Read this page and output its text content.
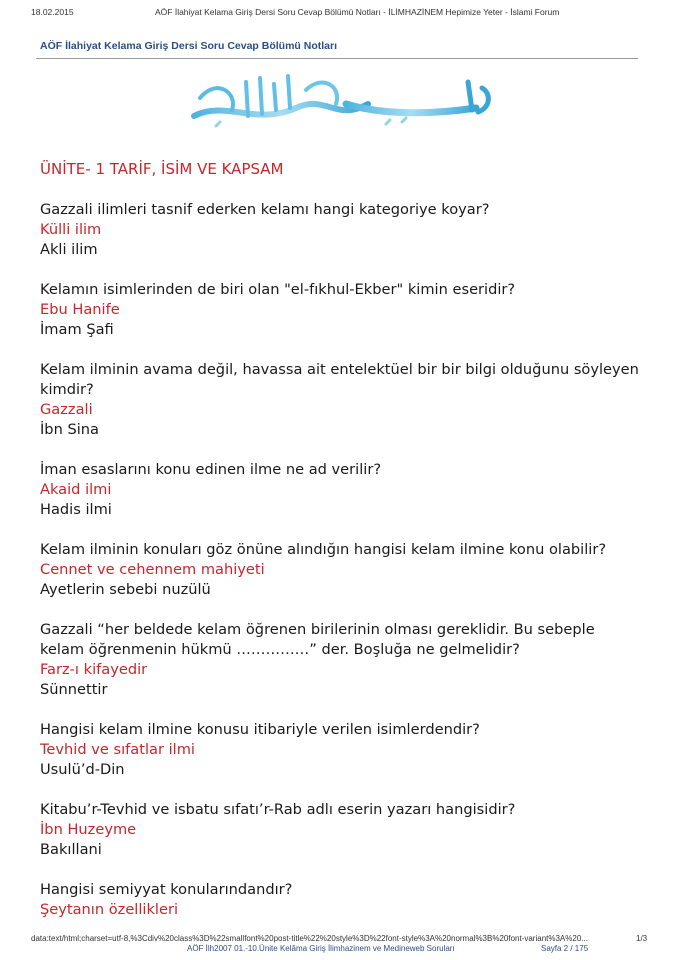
18.02.2015	AÖF İlahiyat Kelama Giriş Dersi Soru Cevap Bölümü Notları - İLİMHAZİNEM Hepimize Yeter - İslami Forum
AÖF İlahiyat Kelama Giriş Dersi Soru Cevap Bölümü Notları
ÜNİTE- 1 TARİF, İSİM VE KAPSAM
Gazzali ilimleri tasnif ederken kelamı hangi kategoriye koyar?
Külli ilim
Akli ilim
Kelamın isimlerinden de biri olan "el-fıkhul-Ekber" kimin eseridir?
Ebu Hanife
İmam Şafi
Kelam ilminin avama değil, havassa ait entelektüel bir bir bilgi olduğunu söyleyen kimdir?
Gazzali
İbn Sina
İman esaslarını konu edinen ilme ne ad verilir?
Akaid ilmi
Hadis ilmi
Kelam ilminin konuları göz önüne alındığın hangisi kelam ilmine konu olabilir?
Cennet ve cehennem mahiyeti
Ayetlerin sebebi nuzülü
Gazzali “her beldede kelam öğrenen birilerinin olması gereklidir. Bu sebeple kelam öğrenmenin hükmü ……………” der. Boşluğa ne gelmelidir?
Farz-ı kifayedir
Sünnettir
Hangisi kelam ilmine konusu itibariyle verilen isimlerdendir?
Tevhid ve sıfatlar ilmi
Usulü’d-Din
Kitabu’r-Tevhid ve isbatu sıfatı’r-Rab adlı eserin yazarı hangisidir?
İbn Huzeyme
Bakıllani
Hangisi semiyyat konularındandır?
Şeytanın özellikleri
data:text/html;charset=utf-8,%3Cdiv%20class%3D%22smallfont%20post-title%22%20style%3D%22font-style%3A%20normal%3B%20font-variant%3A%20...	1/3
AÖF İlh2007 01.-10.Ünite Kelâma Giriş İlimhazinem ve Medineweb Soruları	Sayfa 2 / 175
